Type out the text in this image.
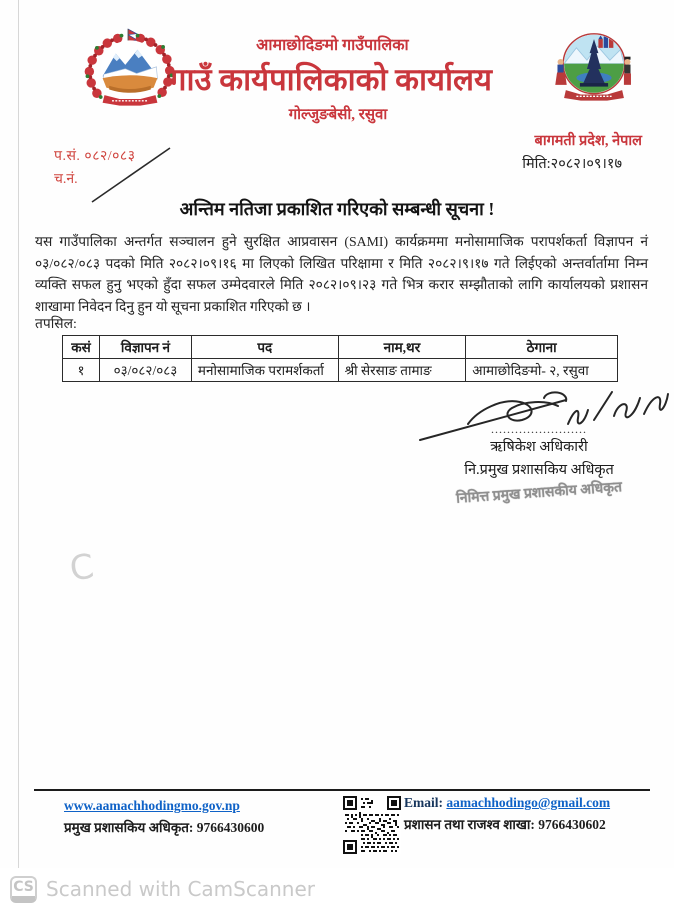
आमाछोदिङमो गाउँपालिका
गाउँ कार्यपालिकाको कार्यालय
गोल्जुङबेसी, रसुवा
बागमती प्रदेश, नेपाल
मिति:२०८२।०९।१७
प.सं. ०८२/०८३
च.नं.
अन्तिम नतिजा प्रकाशित गरिएको सम्बन्धी सूचना !
यस गाउँपालिका अन्तर्गत सञ्चालन हुने सुरक्षित आप्रवासन (SAMI) कार्यक्रममा मनोसामाजिक परापर्शकर्ता विज्ञापन नं ०३/०८२/०८३ पदको मिति २०८२।०९।१६ मा लिएको लिखित परिक्षामा र मिति २०८२।९।१७ गते लिईएको अन्तर्वार्तामा निम्न व्यक्ति सफल हुनु भएको हुँदा सफल उम्मेदवारले मिति २०८२।०९।२३ गते भित्र करार सम्झौताको लागि कार्यालयको प्रशासन शाखामा निवेदन दिनु हुन यो सूचना प्रकाशित गरिएको छ ।
तपसिल:
कसं	विज्ञापन नं	पद	नाम,थर	ठेगाना
१	०३/०८२/०८३	मनोसामाजिक परामर्शकर्ता	श्री सेरसाङ तामाङ	आमाछोदिङमो- २, रसुवा
........................
ऋषिकेश अधिकारी
नि.प्रमुख प्रशासकिय अधिकृत
निमित्त प्रमुख प्रशासकीय अधिकृत
C
www.aamachhodingmo.gov.np
प्रमुख प्रशासकिय अधिकृत: 9766430600
Email: aamachhodingo@gmail.com
प्रशासन तथा राजश्व शाखा: 9766430602
CS Scanned with CamScanner
